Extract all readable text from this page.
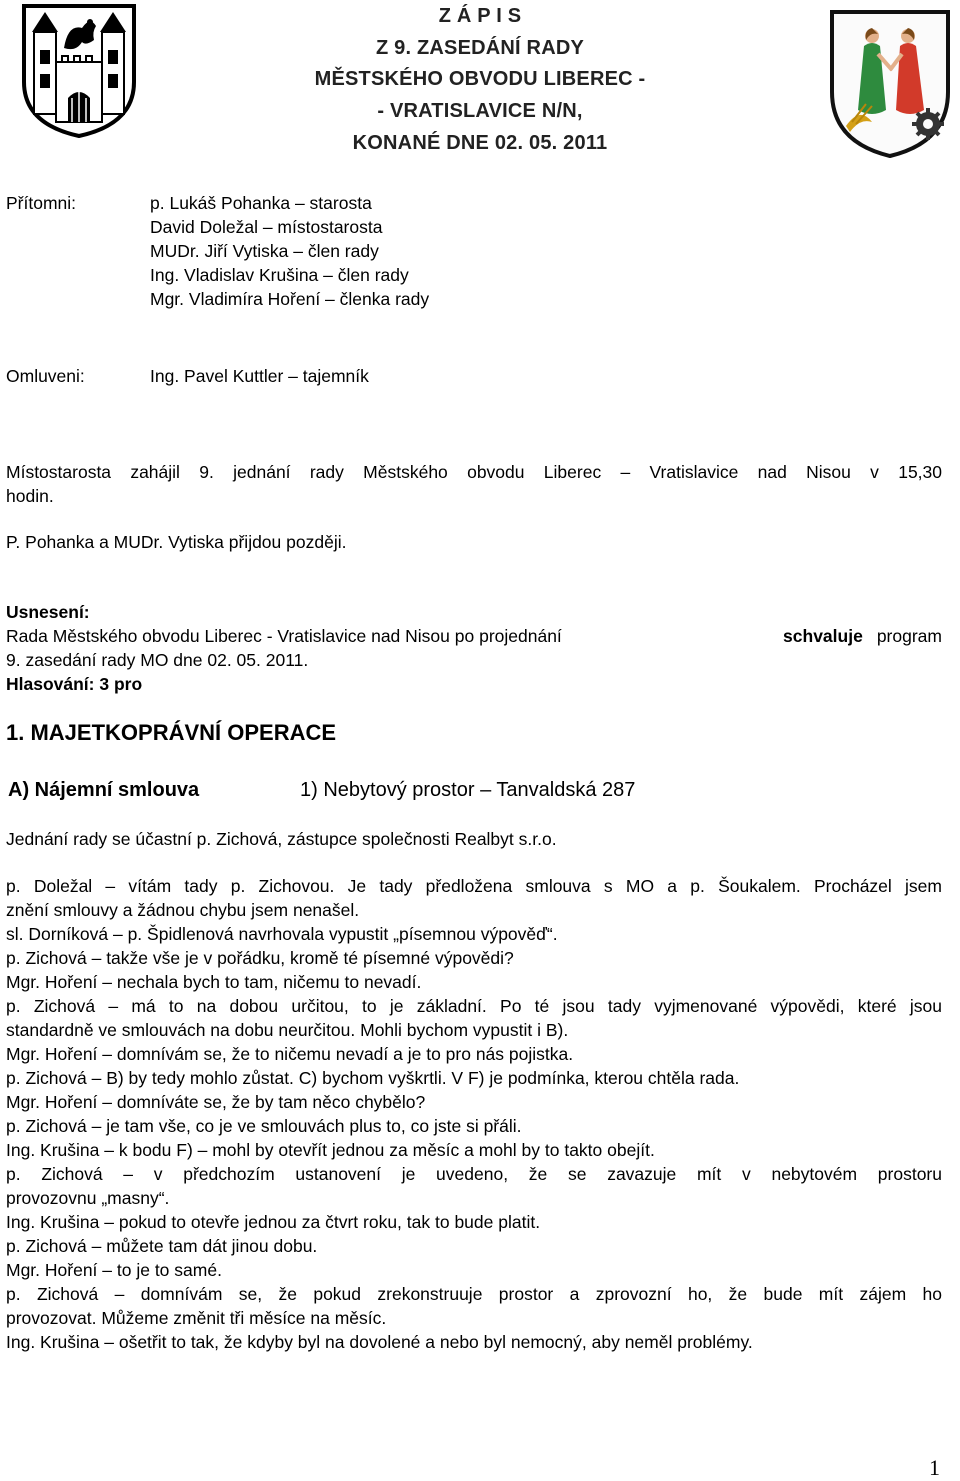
Z Á P I S
Z 9. ZASEDÁNÍ RADY
MĚSTSKÉHO OBVODU LIBEREC -
- VRATISLAVICE N/N,
KONANÉ DNE 02. 05. 2011
Přítomni:	p. Lukáš Pohanka – starosta
David Doležal – místostarosta
MUDr. Jiří Vytiska – člen rady
Ing. Vladislav Krušina – člen rady
Mgr. Vladimíra Hoření – členka rady
Omluveni:	Ing. Pavel Kuttler – tajemník
Místostarosta zahájil 9. jednání rady Městského obvodu Liberec – Vratislavice nad Nisou v 15,30
hodin.
P. Pohanka a MUDr. Vytiska přijdou později.
Usnesení:
Rada Městského obvodu Liberec - Vratislavice nad Nisou po projednání	schvaluje program
9. zasedání rady MO dne 02. 05. 2011.
Hlasování: 3 pro
1. MAJETKOPRÁVNÍ OPERACE
A) Nájemní smlouva	1) Nebytový prostor – Tanvaldská 287
Jednání rady se účastní p. Zichová, zástupce společnosti Realbyt s.r.o.
p. Doležal – vítám tady p. Zichovou. Je tady předložena smlouva s MO a p. Šoukalem. Procházel jsem
znění smlouvy a žádnou chybu jsem nenašel.
sl. Dorníková – p. Špidlenová navrhovala vypustit „písemnou výpověď“.
p. Zichová – takže vše je v pořádku, kromě té písemné výpovědi?
Mgr. Hoření – nechala bych to tam, ničemu to nevadí.
p. Zichová – má to na dobou určitou, to je základní. Po té jsou tady vyjmenované výpovědi, které jsou
standardně ve smlouvách na dobu neurčitou. Mohli bychom vypustit i B).
Mgr. Hoření – domnívám se, že to ničemu nevadí a je to pro nás pojistka.
p. Zichová – B) by tedy mohlo zůstat. C) bychom vyškrtli. V F) je podmínka, kterou chtěla rada.
Mgr. Hoření – domníváte se, že by tam něco chybělo?
p. Zichová – je tam vše, co je ve smlouvách plus to, co jste si přáli.
Ing. Krušina – k bodu F) – mohl by otevřít jednou za měsíc a mohl by to takto obejít.
p. Zichová – v předchozím ustanovení je uvedeno, že se zavazuje mít v nebytovém prostoru
provozovnu „masny“.
Ing. Krušina – pokud to otevře jednou za čtvrt roku, tak to bude platit.
p. Zichová – můžete tam dát jinou dobu.
Mgr. Hoření – to je to samé.
p. Zichová – domnívám se, že pokud zrekonstruuje prostor a zprovozní ho, že bude mít zájem ho
provozovat. Můžeme změnit tři měsíce na měsíc.
Ing. Krušina – ošetřit to tak, že kdyby byl na dovolené a nebo byl nemocný, aby neměl problémy.
1
